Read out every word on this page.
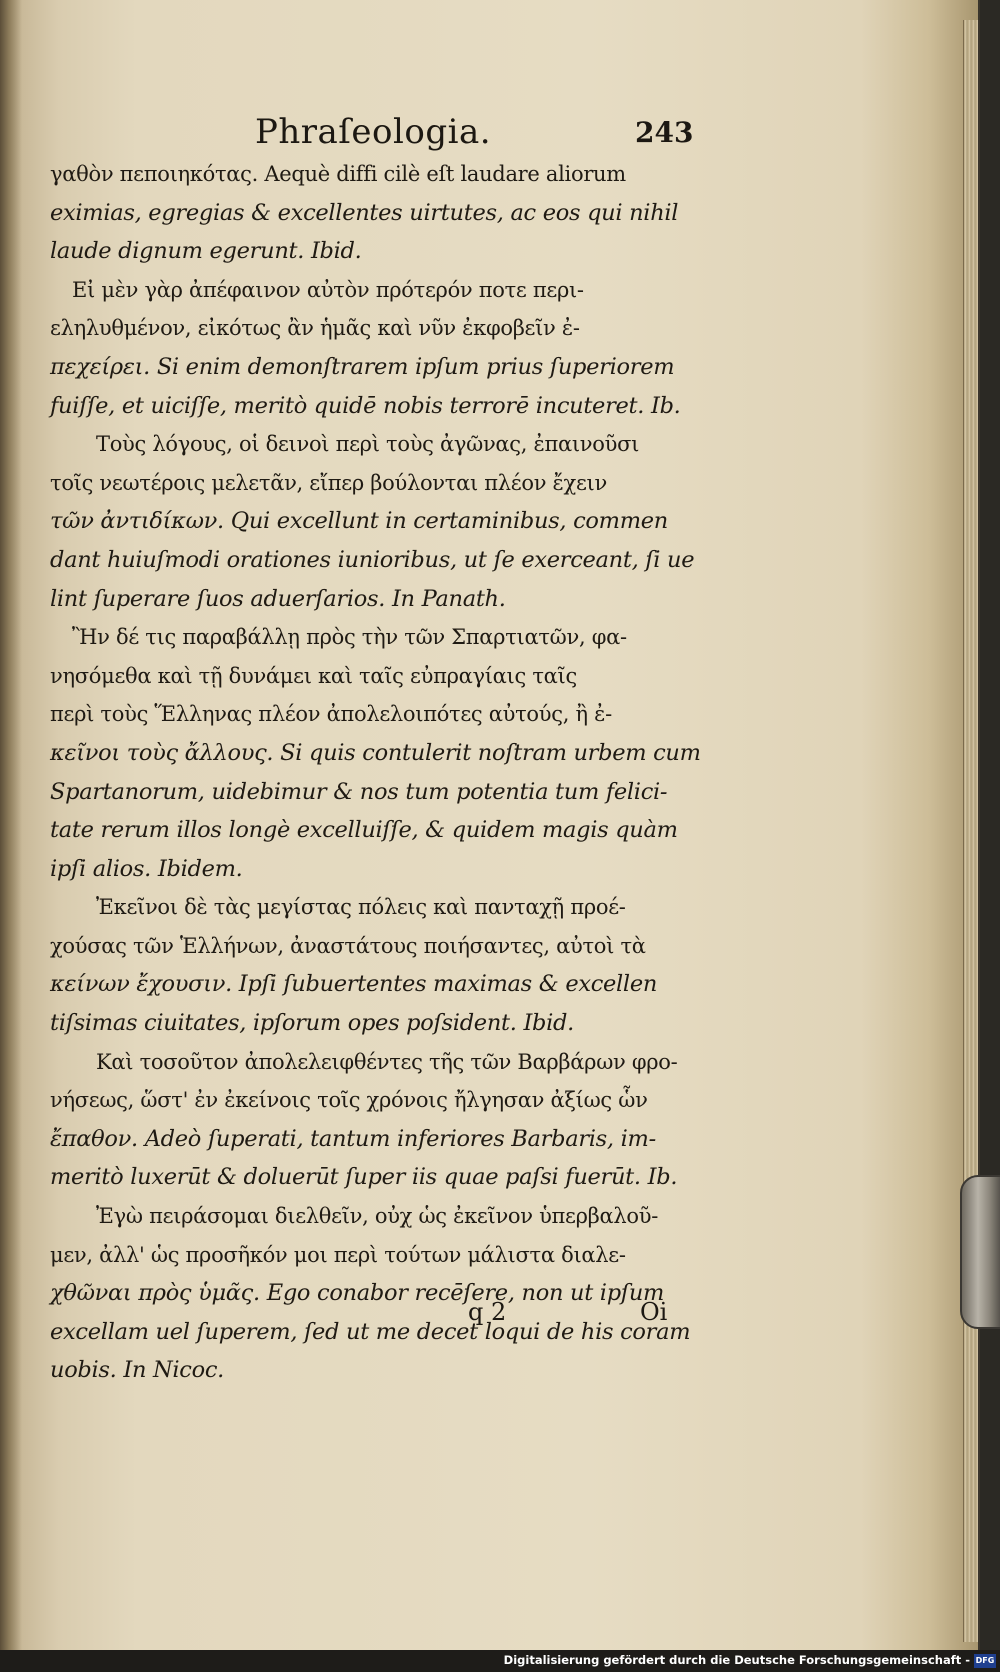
Phraſeologia.	243
γαθὸν πεποιηκότας. Aequè diffi cilè eſt laudare aliorum
eximias, egregias & excellentes uirtutes, ac eos qui nihil
laude dignum egerunt. Ibid.
Εἰ μὲν γὰρ ἀπέφαινον αὐτὸν πρότερόν ποτε περι-
εληλυθμένον, εἰκότως ἂν ἡμᾶς καὶ νῦν ἐκφοβεῖν ἐ-
πεχείρει. Si enim demonſtrarem ipſum prius ſuperiorem
fuiſſe, et uiciſſe, meritò quidē nobis terrorē incuteret. Ib.
Τοὺς λόγους, οἱ δεινοὶ περὶ τοὺς ἀγῶνας, ἐπαινοῦσι
τοῖς νεωτέροις μελετᾶν, εἴπερ βούλονται πλέον ἔχειν
τῶν ἀντιδίκων. Qui excellunt in certaminibus, commen
dant huiuſmodi orationes iunioribus, ut ſe exerceant, ſi ue
lint ſuperare ſuos aduerſarios. In Panath.
Ἢν δέ τις παραβάλλῃ πρὸς τὴν τῶν Σπαρτιατῶν, φα-
νησόμεθα καὶ τῇ δυνάμει καὶ ταῖς εὐπραγίαις ταῖς
περὶ τοὺς Ἕλληνας πλέον ἀπολελοιπότες αὐτούς, ἢ ἐ-
κεῖνοι τοὺς ἄλλους. Si quis contulerit noſtram urbem cum
Spartanorum, uidebimur & nos tum potentia tum felici-
tate rerum illos longè excelluiſſe, & quidem magis quàm
ipſi alios. Ibidem.
Ἐκεῖνοι δὲ τὰς μεγίστας πόλεις καὶ πανταχῇ προέ-
χούσας τῶν Ἑλλήνων, ἀναστάτους ποιήσαντες, αὐτοὶ τὰ
κείνων ἔχουσιν. Ipſi ſubuertentes maximas & excellen
tiſsimas ciuitates, ipſorum opes poſsident. Ibid.
Καὶ τοσοῦτον ἀπολελειφθέντες τῆς τῶν Βαρβάρων φρο-
νήσεως, ὥστ' ἐν ἐκείνοις τοῖς χρόνοις ἤλγησαν ἀξίως ὧν
ἔπαθον. Adeò ſuperati, tantum inferiores Barbaris, im-
meritò luxerūt & doluerūt ſuper iis quae paſsi fuerūt. Ib.
Ἐγὼ πειράσομαι διελθεῖν, οὐχ ὡς ἐκεῖνον ὑπερβαλοῦ-
μεν, ἀλλ' ὡς προσῆκόν μοι περὶ τούτων μάλιστα διαλε-
χθῶναι πρὸς ὑμᾶς. Ego conabor recēſere, non ut ipſum
excellam uel ſuperem, ſed ut me decet loqui de his coram
uobis. In Nicoc.
q 2	Oi
Digitalisierung gefördert durch die Deutsche Forschungsgemeinschaft - DFG
